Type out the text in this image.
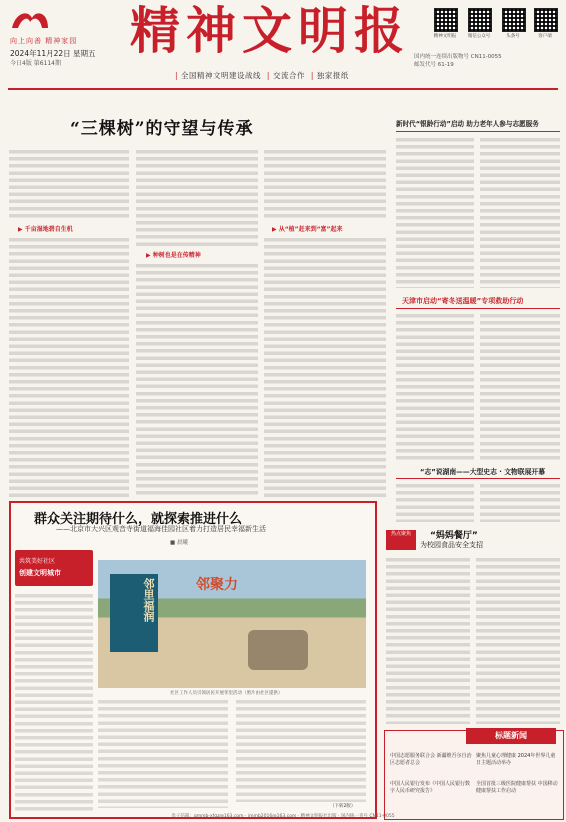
向上向善 精神家园 精神文明报
2024年11月22日 星期五
今日4版 第6114期
| 全国精神文明建设战线 | 交流合作 | 独家报纸
精神文明报	微信公众号	头条号	客户端
国内统一连续出版物号 CN11-0055
邮发代号 61-19
“三棵树”的守望与传承
▶ 千亩湿地碧自生机
▶ 种树也是在传精神
▶ 从“植”赶来到“富”起来
新时代“银龄行动”启动 助力老年人参与志愿服务
天津市启动“寄冬送温暖”专项救助行动
“志”说湖南——大型史志 · 文物联展开幕
群众关注期待什么，就探索推进什么
——北京市大兴区观音寺街道福海佳园社区着力打造居民幸福新生活
■ 晨曦
共筑美好社区
创建文明城市
邻里福润	邻聚力
社区工作人员引领居民开展邻里活动（照片由社区提供）
（下转2版）
热点聚焦	“妈妈餐厅”
为校园食品安全支招
标题新闻
中国志愿服务联合会 新疆维吾尔自治区志愿者总会
聚焦儿童心理健康 2024年世界儿童日主题活动举办
中国人民银行发布《中国人民银行数字人民币研究报告》
全国首批三级医院健康帮扶 中国移动健康帮扶工作启动
电子信箱：gmmb-xfgz@163.com · jmmb2016@163.com · 精神文明报社出版 · 国内统一刊号 CN11-0055
